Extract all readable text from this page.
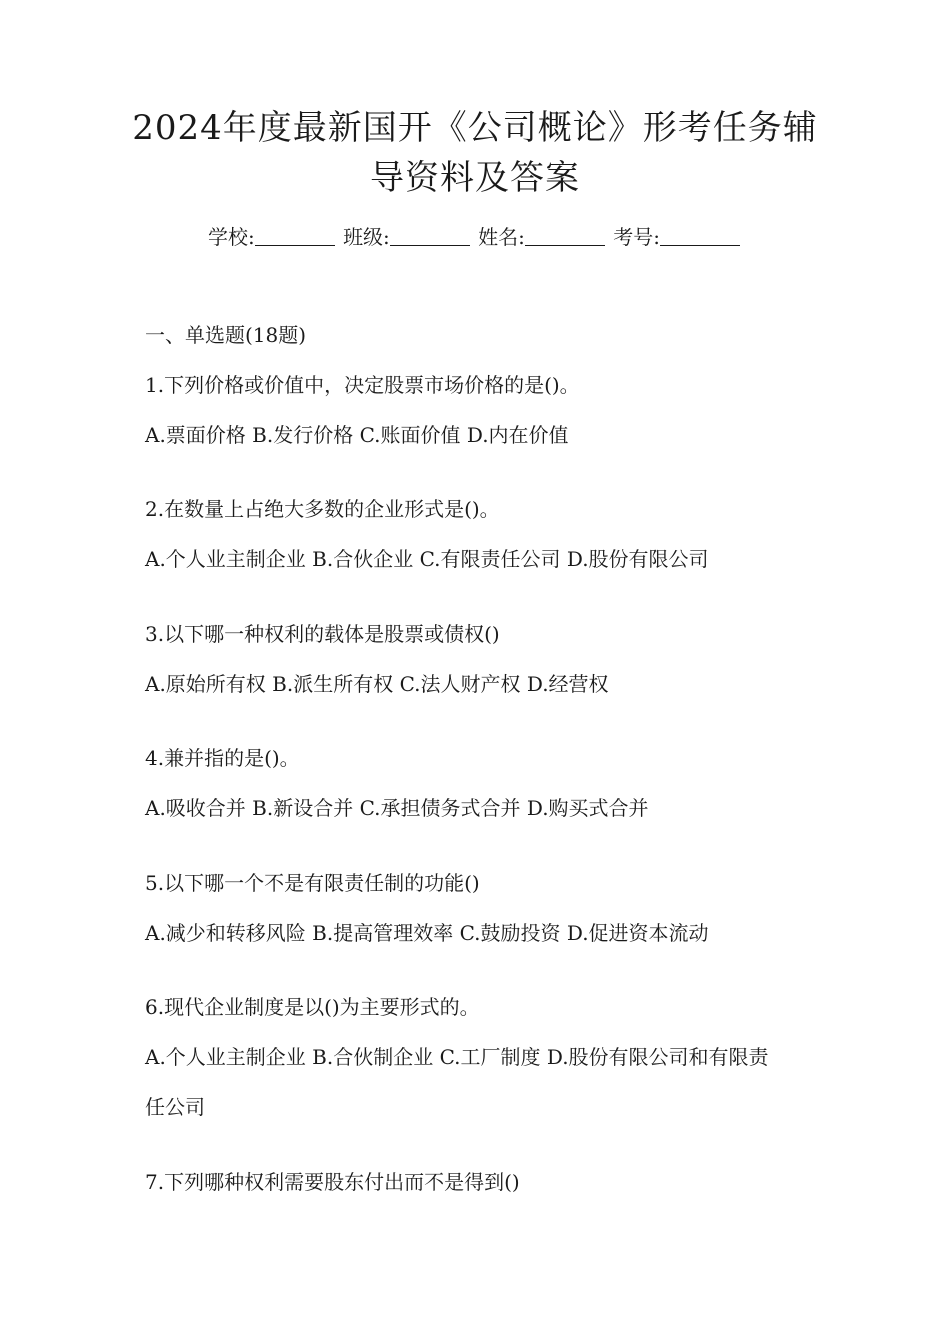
2024年度最新国开《公司概论》形考任务辅
导资料及答案
学校:	班级:	姓名:	考号:
一、单选题(18题)
1.下列价格或价值中，决定股票市场价格的是()。
A.票面价格 B.发行价格 C.账面价值 D.内在价值
2.在数量上占绝大多数的企业形式是()。
A.个人业主制企业 B.合伙企业 C.有限责任公司 D.股份有限公司
3.以下哪一种权利的载体是股票或债权()
A.原始所有权 B.派生所有权 C.法人财产权 D.经营权
4.兼并指的是()。
A.吸收合并 B.新设合并 C.承担债务式合并 D.购买式合并
5.以下哪一个不是有限责任制的功能()
A.减少和转移风险 B.提高管理效率 C.鼓励投资 D.促进资本流动
6.现代企业制度是以()为主要形式的。
A.个人业主制企业 B.合伙制企业 C.工厂制度 D.股份有限公司和有限责
任公司
7.下列哪种权利需要股东付出而不是得到()
